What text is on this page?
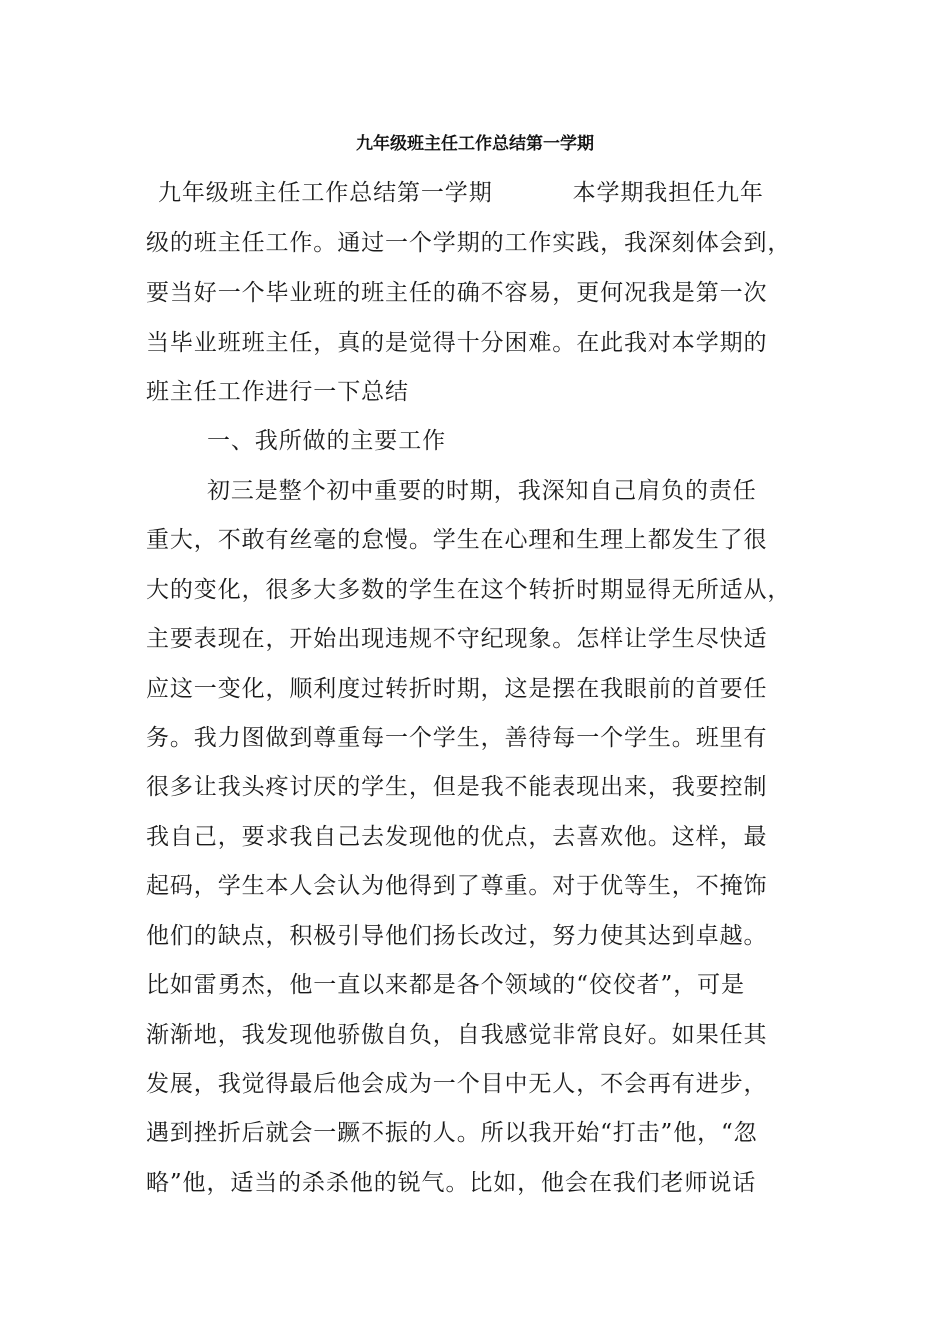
九年级班主任工作总结第一学期
九年级班主任工作总结第一学期	本学期我担任九年
级的班主任工作。通过一个学期的工作实践，我深刻体会到，
要当好一个毕业班的班主任的确不容易，更何况我是第一次
当毕业班班主任，真的是觉得十分困难。在此我对本学期的
班主任工作进行一下总结
一、我所做的主要工作
初三是整个初中重要的时期，我深知自己肩负的责任
重大，不敢有丝毫的怠慢。学生在心理和生理上都发生了很
大的变化，很多大多数的学生在这个转折时期显得无所适从，
主要表现在，开始出现违规不守纪现象。怎样让学生尽快适
应这一变化，顺利度过转折时期，这是摆在我眼前的首要任
务。我力图做到尊重每一个学生，善待每一个学生。班里有
很多让我头疼讨厌的学生，但是我不能表现出来，我要控制
我自己，要求我自己去发现他的优点，去喜欢他。这样，最
起码，学生本人会认为他得到了尊重。对于优等生，不掩饰
他们的缺点，积极引导他们扬长改过，努力使其达到卓越。
比如雷勇杰，他一直以来都是各个领域的“佼佼者”，可是
渐渐地，我发现他骄傲自负，自我感觉非常良好。如果任其
发展，我觉得最后他会成为一个目中无人，不会再有进步，
遇到挫折后就会一蹶不振的人。所以我开始“打击”他，“忽
略”他，适当的杀杀他的锐气。比如，他会在我们老师说话
